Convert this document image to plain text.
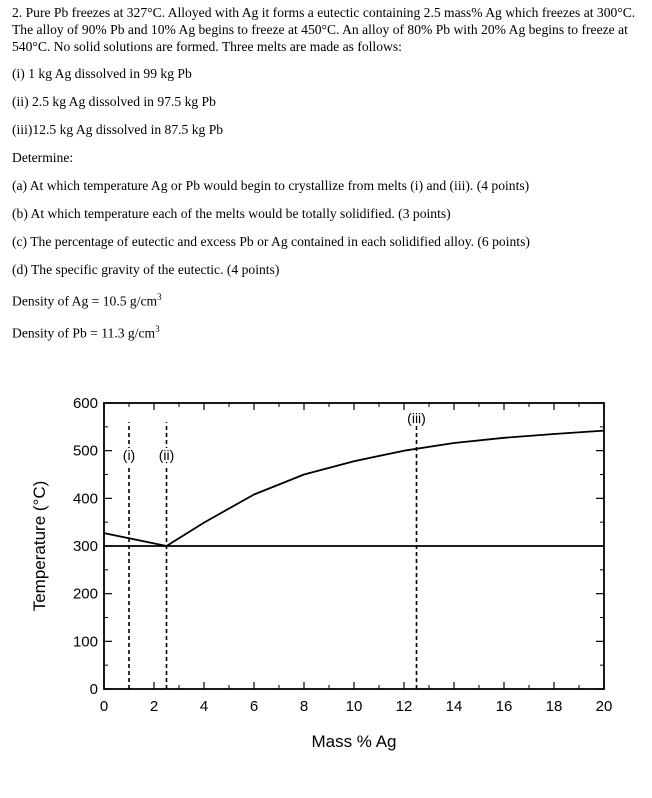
2. Pure Pb freezes at 327°C. Alloyed with Ag it forms a eutectic containing 2.5 mass% Ag which freezes at 300°C. The alloy of 90% Pb and 10% Ag begins to freeze at 450°C. An alloy of 80% Pb with 20% Ag begins to freeze at 540°C. No solid solutions are formed. Three melts are made as follows:

(i) 1 kg Ag dissolved in 99 kg Pb

(ii) 2.5 kg Ag dissolved in 97.5 kg Pb

(iii)12.5 kg Ag dissolved in 87.5 kg Pb

Determine:

(a) At which temperature Ag or Pb would begin to crystallize from melts (i) and (iii). (4 points)

(b) At which temperature each of the melts would be totally solidified. (3 points)

(c) The percentage of eutectic and excess Pb or Ag contained in each solidified alloy. (6 points)

(d) The specific gravity of the eutectic. (4 points)

Density of Ag = 10.5 $g/cm^3$

Density of Pb = 11.3 $g/cm^3$

0	2	4	6	8 10 12 14 16 18 20
0
100
200
300
400
500
600
(i) (ii)
(iii)
Mass % Ag
Temperature (°C)
